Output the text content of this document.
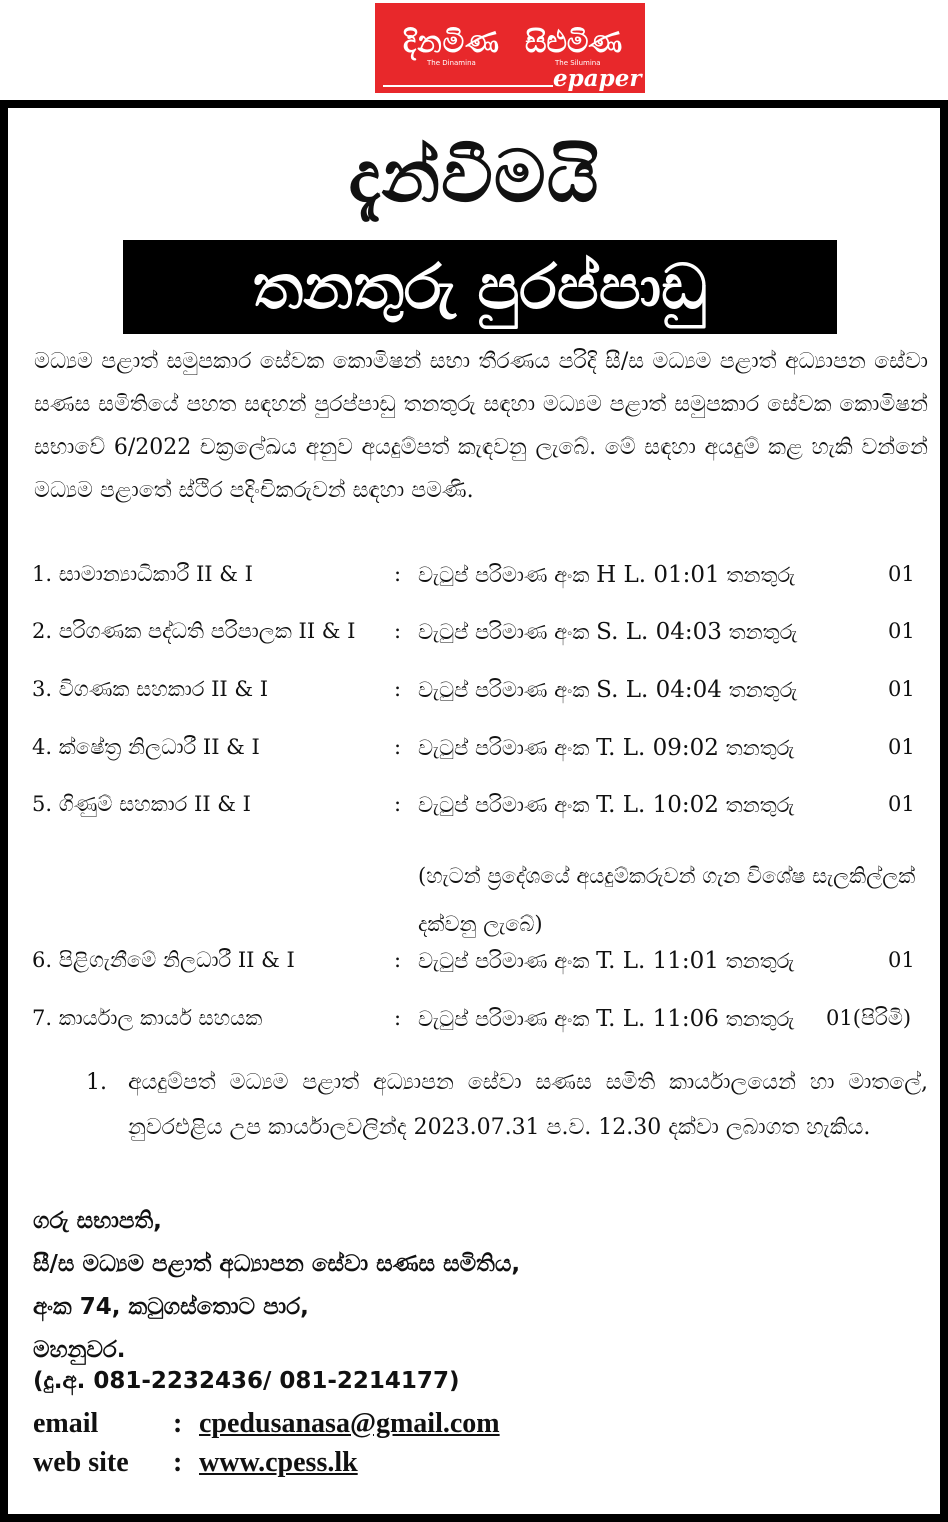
දිනමිණ සිළුමිණ
The Dinamina	The Silumina
epaper
දැන්වීමයි
තනතුරු පුරප්පාඩු
මධ්‍යම පළාත් සමුපකාර සේවක කොමිෂන් සභා තීරණය පරිදි සී/ස මධ්‍යම පළාත් අධ්‍යාපන සේවා සණස සමිතියේ පහත සඳහන් පුරප්පාඩු තනතුරු සඳහා මධ්‍යම පළාත් සමුපකාර සේවක කොමිෂන් සභාවේ 6/2022 චක්‍රලේඛය අනුව අයදුම්පත් කැඳවනු ලැබේ. මේ සඳහා අයදුම් කළ හැකි වන්නේ මධ්‍යම පළාතේ ස්ථිර පදිංචිකරුවන් සඳහා පමණි.
1. සාමාන්‍යාධිකාරී II & I	: වැටුප් පරිමාණ අංක H L. 01:01 තනතුරු	01
2. පරිගණක පද්ධති පරිපාලක II & I : වැටුප් පරිමාණ අංක S. L. 04:03 තනතුරු	01
3. විගණක සහකාර II & I	: වැටුප් පරිමාණ අංක S. L. 04:04 තනතුරු	01
4. ක්ෂේත්‍ර නිලධාරී II & I	: වැටුප් පරිමාණ අංක T. L. 09:02 තනතුරු	01
5. ගිණුම් සහකාර II & I	: වැටුප් පරිමාණ අංක T. L. 10:02 තනතුරු	01
(හැටන් ප්‍රදේශයේ අයදුම්කරුවන් ගැන විශේෂ සැලකිල්ලක් දක්වනු ලැබේ)
6. පිළිගැනීමේ නිලධාරී II & I	: වැටුප් පරිමාණ අංක T. L. 11:01 තනතුරු	01
7. කාර්යාල කාර්ය සහයක	: වැටුප් පරිමාණ අංක T. L. 11:06 තනතුරු 01(පිරිමි)
1. අයදුම්පත් මධ්‍යම පළාත් අධ්‍යාපන සේවා සණස සමිති කාර්යාලයෙන් හා මාතලේ, නුවරඑළිය උප කාර්යාලවලින්ද 2023.07.31 ප.ව. 12.30 දක්වා ලබාගත හැකිය.
ගරු සභාපති,
සී/ස මධ්‍යම පළාත් අධ්‍යාපන සේවා සණස සමිතිය,
අංක 74, කටුගස්තොට පාර,
මහනුවර.
(දු.අ. 081-2232436/ 081-2214177)
email	: cpedusanasa@gmail.com
web site : www.cpess.lk
